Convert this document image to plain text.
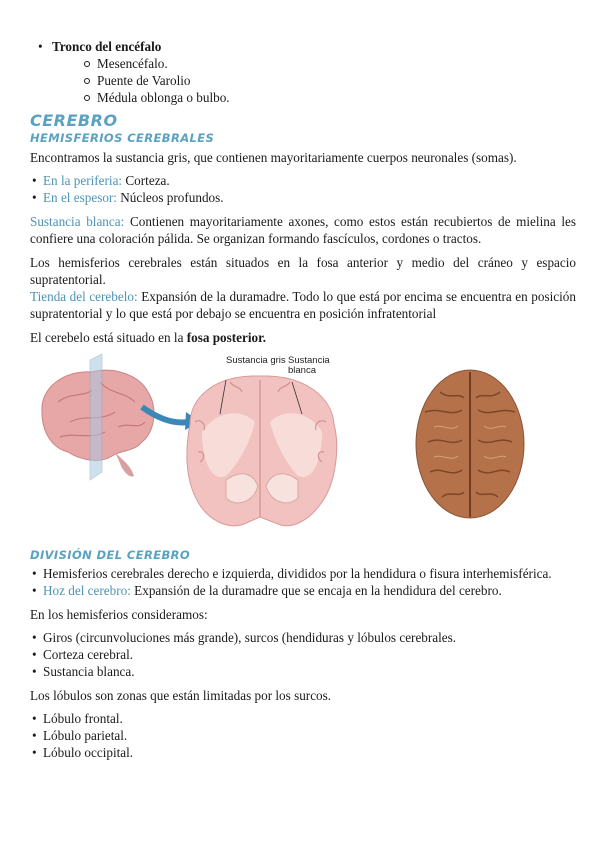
• Tronco del encéfalo
Mesencéfalo.
Puente de Varolio
Médula oblonga o bulbo.
CEREBRO
HEMISFERIOS CEREBRALES

Encontramos la sustancia gris, que contienen mayoritariamente cuerpos neuronales (somas).

• En la periferia: Corteza.
• En el espesor: Núcleos profundos.

Sustancia blanca: Contienen mayoritariamente axones, como estos están recubiertos de mielina les confiere una coloración pálida. Se organizan formando fascículos, cordones o tractos.

Los hemisferios cerebrales están situados en la fosa anterior y medio del cráneo y espacio supratentorial.

Tienda del cerebelo: Expansión de la duramadre. Todo lo que está por encima se encuentra en posición supratentorial y lo que está por debajo se encuentra en posición infratentorial

El cerebelo está situado en la fosa posterior.

Sustancia gris Sustancia blanca
DIVISIÓN DEL CEREBRO
• Hemisferios cerebrales derecho e izquierda, divididos por la hendidura o fisura interhemisférica.
• Hoz del cerebro: Expansión de la duramadre que se encaja en la hendidura del cerebro.

En los hemisferios consideramos:

• Giros (circunvoluciones más grande), surcos (hendiduras y lóbulos cerebrales.
• Corteza cerebral.
• Sustancia blanca.

Los lóbulos son zonas que están limitadas por los surcos.

• Lóbulo frontal.
• Lóbulo parietal.
• Lóbulo occipital.
